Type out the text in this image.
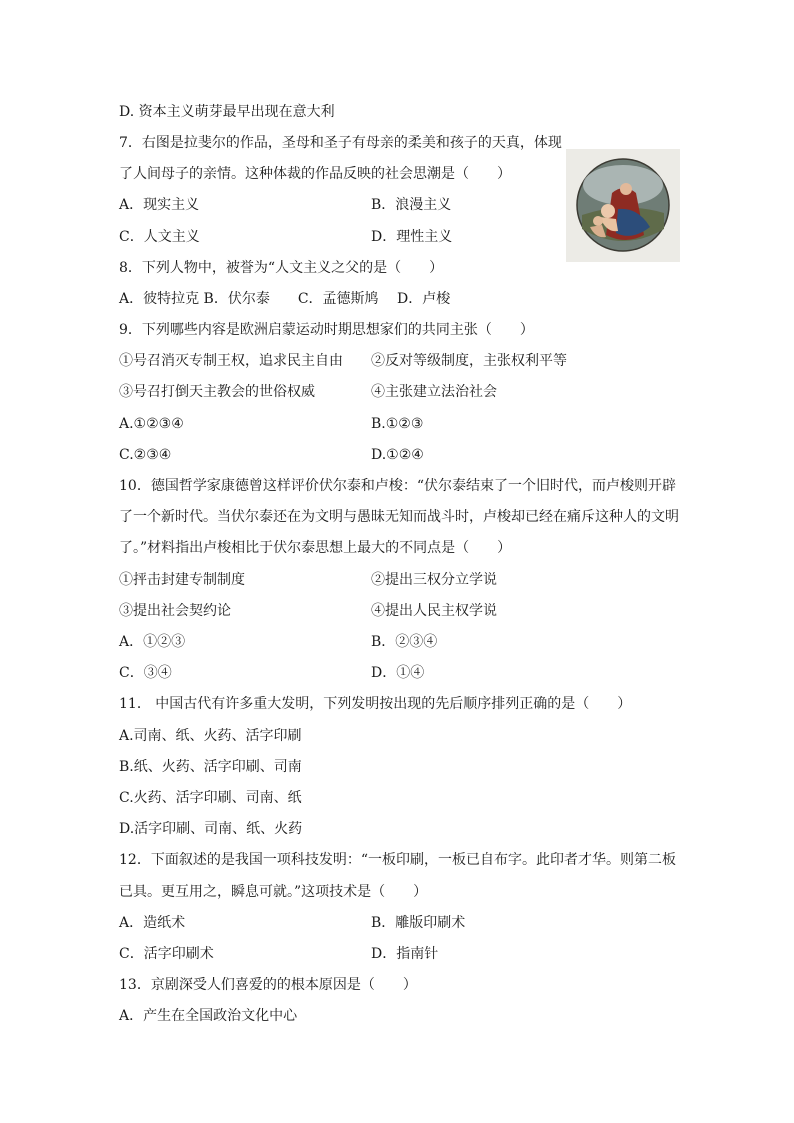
D. 资本主义萌芽最早出现在意大利
7．右图是拉斐尔的作品，圣母和圣子有母亲的柔美和孩子的天真，体现
了人间母子的亲情。这种体裁的作品反映的社会思潮是（　　）
A．现实主义	B．浪漫主义
C．人文主义	D．理性主义
8．下列人物中，被誉为“人文主义之父的是（　　）
A．彼特拉克 B．伏尔泰　　C．孟德斯鸠　 D．卢梭
9．下列哪些内容是欧洲启蒙运动时期思想家们的共同主张（　　）
①号召消灭专制王权，追求民主自由 ②反对等级制度，主张权利平等
③号召打倒天主教会的世俗权威	④主张建立法治社会
A.①②③④	B.①②③
C.②③④	D.①②④
10．德国哲学家康德曾这样评价伏尔泰和卢梭：“伏尔泰结束了一个旧时代，而卢梭则开辟
了一个新时代。当伏尔泰还在为文明与愚昧无知而战斗时，卢梭却已经在痛斥这种人的文明
了。”材料指出卢梭相比于伏尔泰思想上最大的不同点是（　　）
①抨击封建专制制度	②提出三权分立学说
③提出社会契约论	④提出人民主权学说
A．①②③	B．②③④
C．③④	D．①④
11． 中国古代有许多重大发明，下列发明按出现的先后顺序排列正确的是（　　）
A.司南、纸、火药、活字印刷
B.纸、火药、活字印刷、司南
C.火药、活字印刷、司南、纸
D.活字印刷、司南、纸、火药
12．下面叙述的是我国一项科技发明：“一板印刷，一板已自布字。此印者才华。则第二板
已具。更互用之，瞬息可就。”这项技术是（　　）
A．造纸术	B．雕版印刷术
C．活字印刷术	D．指南针
13．京剧深受人们喜爱的的根本原因是（　　）
A．产生在全国政治文化中心
